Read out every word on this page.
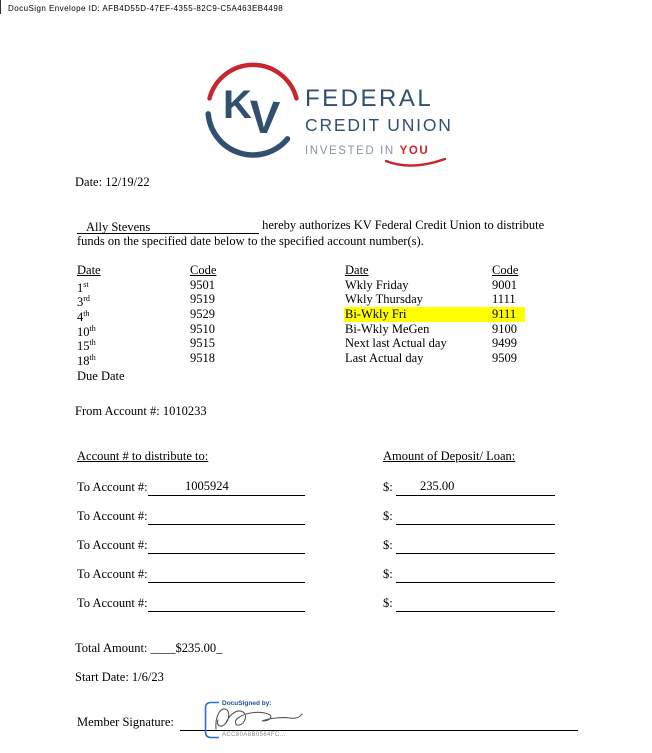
DocuSign Envelope ID: AFB4D55D-47EF-4355-82C9-C5A463EB4498
K
V FEDERAL
CREDIT UNION
INVESTED IN YOU
Date: 12/19/22
Ally Stevens	hereby authorizes KV Federal Credit Union to distribute funds on the specified date below to the specified account number(s).
Date	Code
1st	9501
3rd	9519
4th	9529
10th	9510
15th	9515
18th	9518
Due Date
Date	Code
Wkly Friday	9001
Wkly Thursday	1111
Bi-Wkly Fri	9111
Bi-Wkly MeGen	9100
Next last Actual day	9499
Last Actual day	9509
From Account #: 1010233
Account # to distribute to:	Amount of Deposit/ Loan:
To Account #:	1005924	$: 235.00
To Account #:	$:
To Account #:	$:
To Account #:	$:
To Account #:	$:
Total Amount: ____$235.00_
Start Date: 1/6/23
Member Signature:
DocuSigned by:
ACC80A8B0564FC...
